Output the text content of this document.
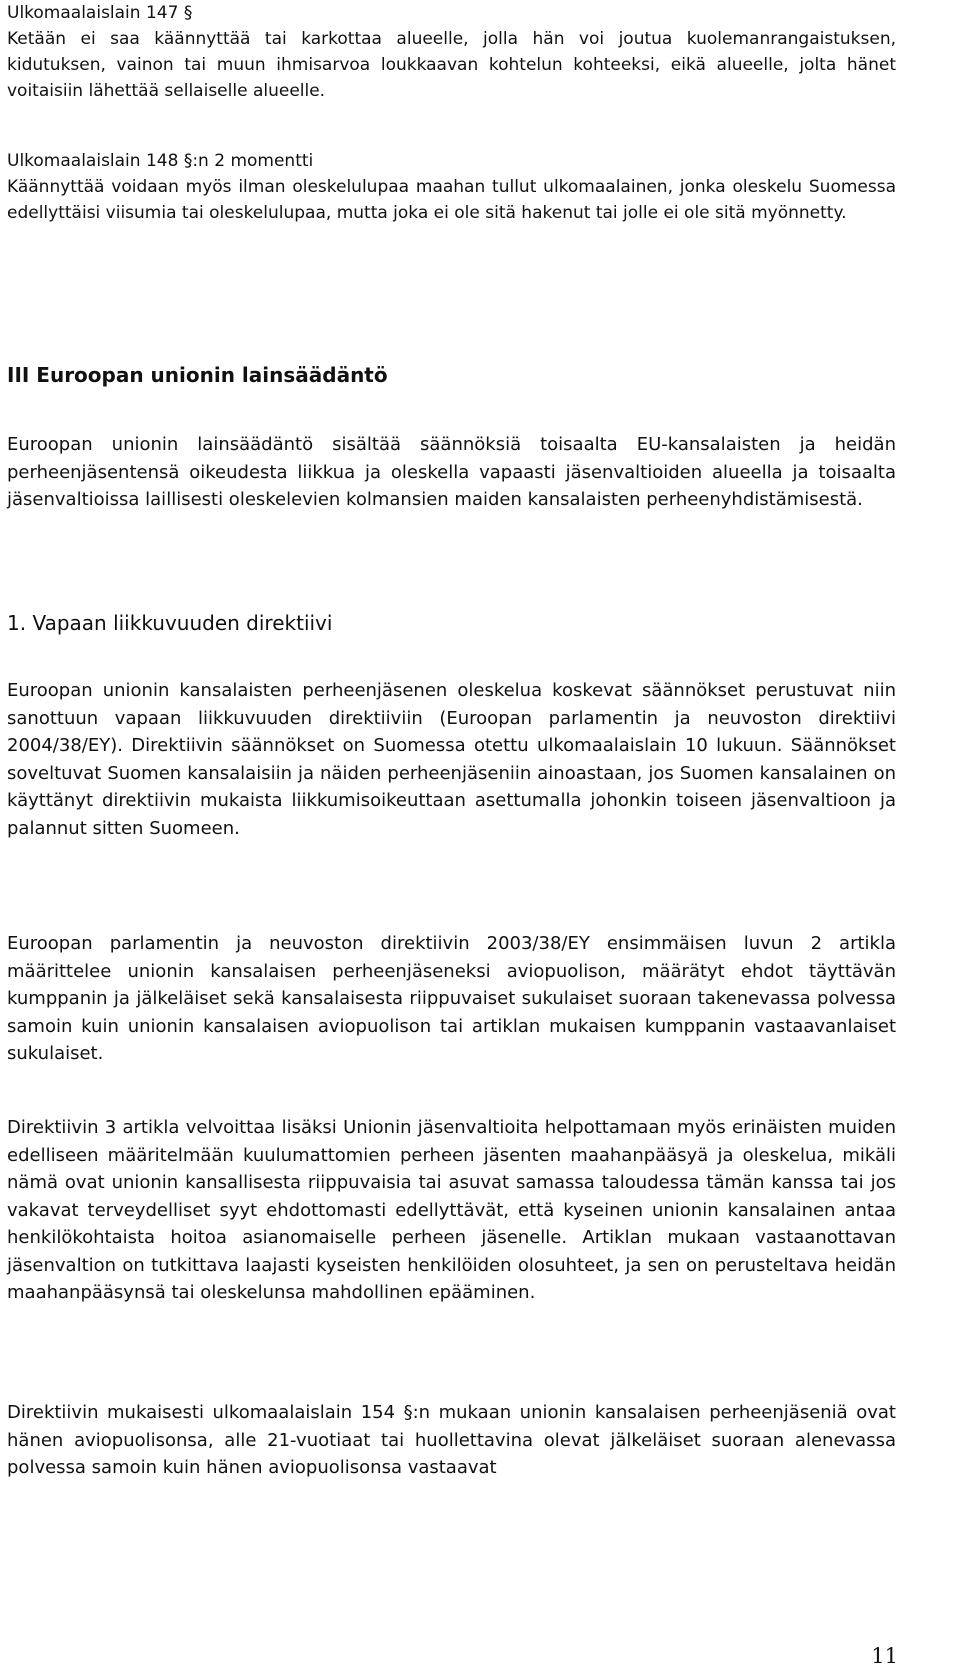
Ulkomaalaislain 147 §

Ketään ei saa käännyttää tai karkottaa alueelle, jolla hän voi joutua kuolemanrangaistuksen, kidutuksen, vainon tai muun ihmisarvoa loukkaavan kohtelun kohteeksi, eikä alueelle, jolta hänet voitaisiin lähettää sellaiselle alueelle.

Ulkomaalaislain 148 §:n 2 momentti

Käännyttää voidaan myös ilman oleskelulupaa maahan tullut ulkomaalainen, jonka oleskelu Suomessa edellyttäisi viisumia tai oleskelulupaa, mutta joka ei ole sitä hakenut tai jolle ei ole sitä myönnetty.

III Euroopan unionin lainsäädäntö

Euroopan unionin lainsäädäntö sisältää säännöksiä toisaalta EU-kansalaisten ja heidän perheenjäsentensä oikeudesta liikkua ja oleskella vapaasti jäsenvaltioiden alueella ja toisaalta jäsenvaltioissa laillisesti oleskelevien kolmansien maiden kansalaisten perheenyhdistämisestä.

1. Vapaan liikkuvuuden direktiivi

Euroopan unionin kansalaisten perheenjäsenen oleskelua koskevat säännökset perustuvat niin sanottuun vapaan liikkuvuuden direktiiviin (Euroopan parlamentin ja neuvoston direktiivi 2004/38/EY). Direktiivin säännökset on Suomessa otettu ulkomaalaislain 10 lukuun. Säännökset soveltuvat Suomen kansalaisiin ja näiden perheenjäseniin ainoastaan, jos Suomen kansalainen on käyttänyt direktiivin mukaista liikkumisoikeuttaan asettumalla johonkin toiseen jäsenvaltioon ja palannut sitten Suomeen.

Euroopan parlamentin ja neuvoston direktiivin 2003/38/EY ensimmäisen luvun 2 artikla määrittelee unionin kansalaisen perheenjäseneksi aviopuolison, määrätyt ehdot täyttävän kumppanin ja jälkeläiset sekä kansalaisesta riippuvaiset sukulaiset suoraan takenevassa polvessa samoin kuin unionin kansalaisen aviopuolison tai artiklan mukaisen kumppanin vastaavanlaiset sukulaiset.

Direktiivin 3 artikla velvoittaa lisäksi Unionin jäsenvaltioita helpottamaan myös erinäisten muiden edelliseen määritelmään kuulumattomien perheen jäsenten maahanpääsyä ja oleskelua, mikäli nämä ovat unionin kansallisesta riippuvaisia tai asuvat samassa taloudessa tämän kanssa tai jos vakavat terveydelliset syyt ehdottomasti edellyttävät, että kyseinen unionin kansalainen antaa henkilökohtaista hoitoa asianomaiselle perheen jäsenelle. Artiklan mukaan vastaanottavan jäsenvaltion on tutkittava laajasti kyseisten henkilöiden olosuhteet, ja sen on perusteltava heidän maahanpääsynsä tai oleskelunsa mahdollinen epääminen.

Direktiivin mukaisesti ulkomaalaislain 154 §:n mukaan unionin kansalaisen perheenjäseniä ovat hänen aviopuolisonsa, alle 21-vuotiaat tai huollettavina olevat jälkeläiset suoraan alenevassa polvessa samoin kuin hänen aviopuolisonsa vastaavat

11
